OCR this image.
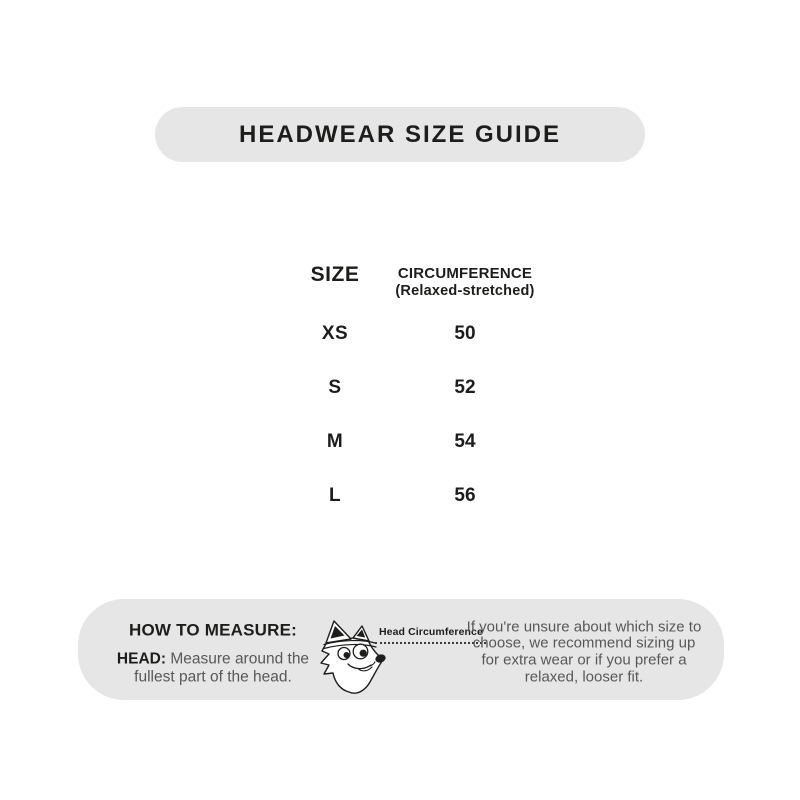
HEADWEAR SIZE GUIDE
SIZE	CIRCUMFERENCE
(Relaxed-stretched)
XS	50
S	52
M	54
L	56
HOW TO MEASURE:

HEAD: Measure around the fullest part of the head.

Head Circumference
If you're unsure about which size to choose, we recommend sizing up for extra wear or if you prefer a relaxed, looser fit.
